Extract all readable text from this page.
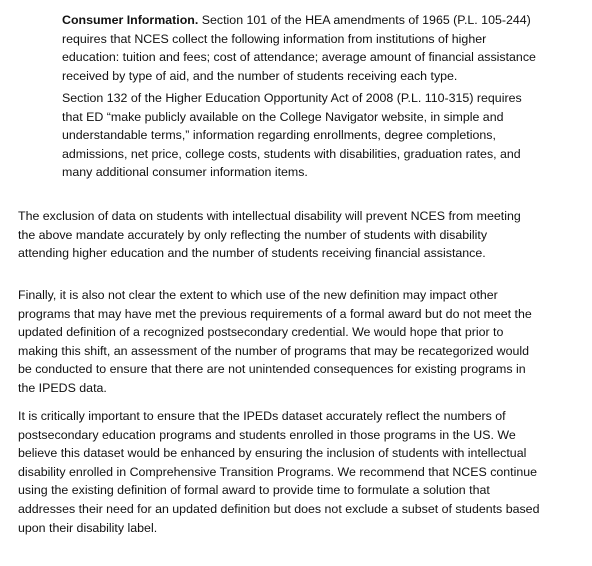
Consumer Information. Section 101 of the HEA amendments of 1965 (P.L. 105-244)
requires that NCES collect the following information from institutions of higher
education: tuition and fees; cost of attendance; average amount of financial assistance
received by type of aid, and the number of students receiving each type.
Section 132 of the Higher Education Opportunity Act of 2008 (P.L. 110-315) requires
that ED “make publicly available on the College Navigator website, in simple and
understandable terms,” information regarding enrollments, degree completions,
admissions, net price, college costs, students with disabilities, graduation rates, and
many additional consumer information items.
The exclusion of data on students with intellectual disability will prevent NCES from meeting
the above mandate accurately by only reflecting the number of students with disability
attending higher education and the number of students receiving financial assistance.
Finally, it is also not clear the extent to which use of the new definition may impact other
programs that may have met the previous requirements of a formal award but do not meet the
updated definition of a recognized postsecondary credential. We would hope that prior to
making this shift, an assessment of the number of programs that may be recategorized would
be conducted to ensure that there are not unintended consequences for existing programs in
the IPEDS data.
It is critically important to ensure that the IPEDs dataset accurately reflect the numbers of
postsecondary education programs and students enrolled in those programs in the US. We
believe this dataset would be enhanced by ensuring the inclusion of students with intellectual
disability enrolled in Comprehensive Transition Programs. We recommend that NCES continue
using the existing definition of formal award to provide time to formulate a solution that
addresses their need for an updated definition but does not exclude a subset of students based
upon their disability label.
